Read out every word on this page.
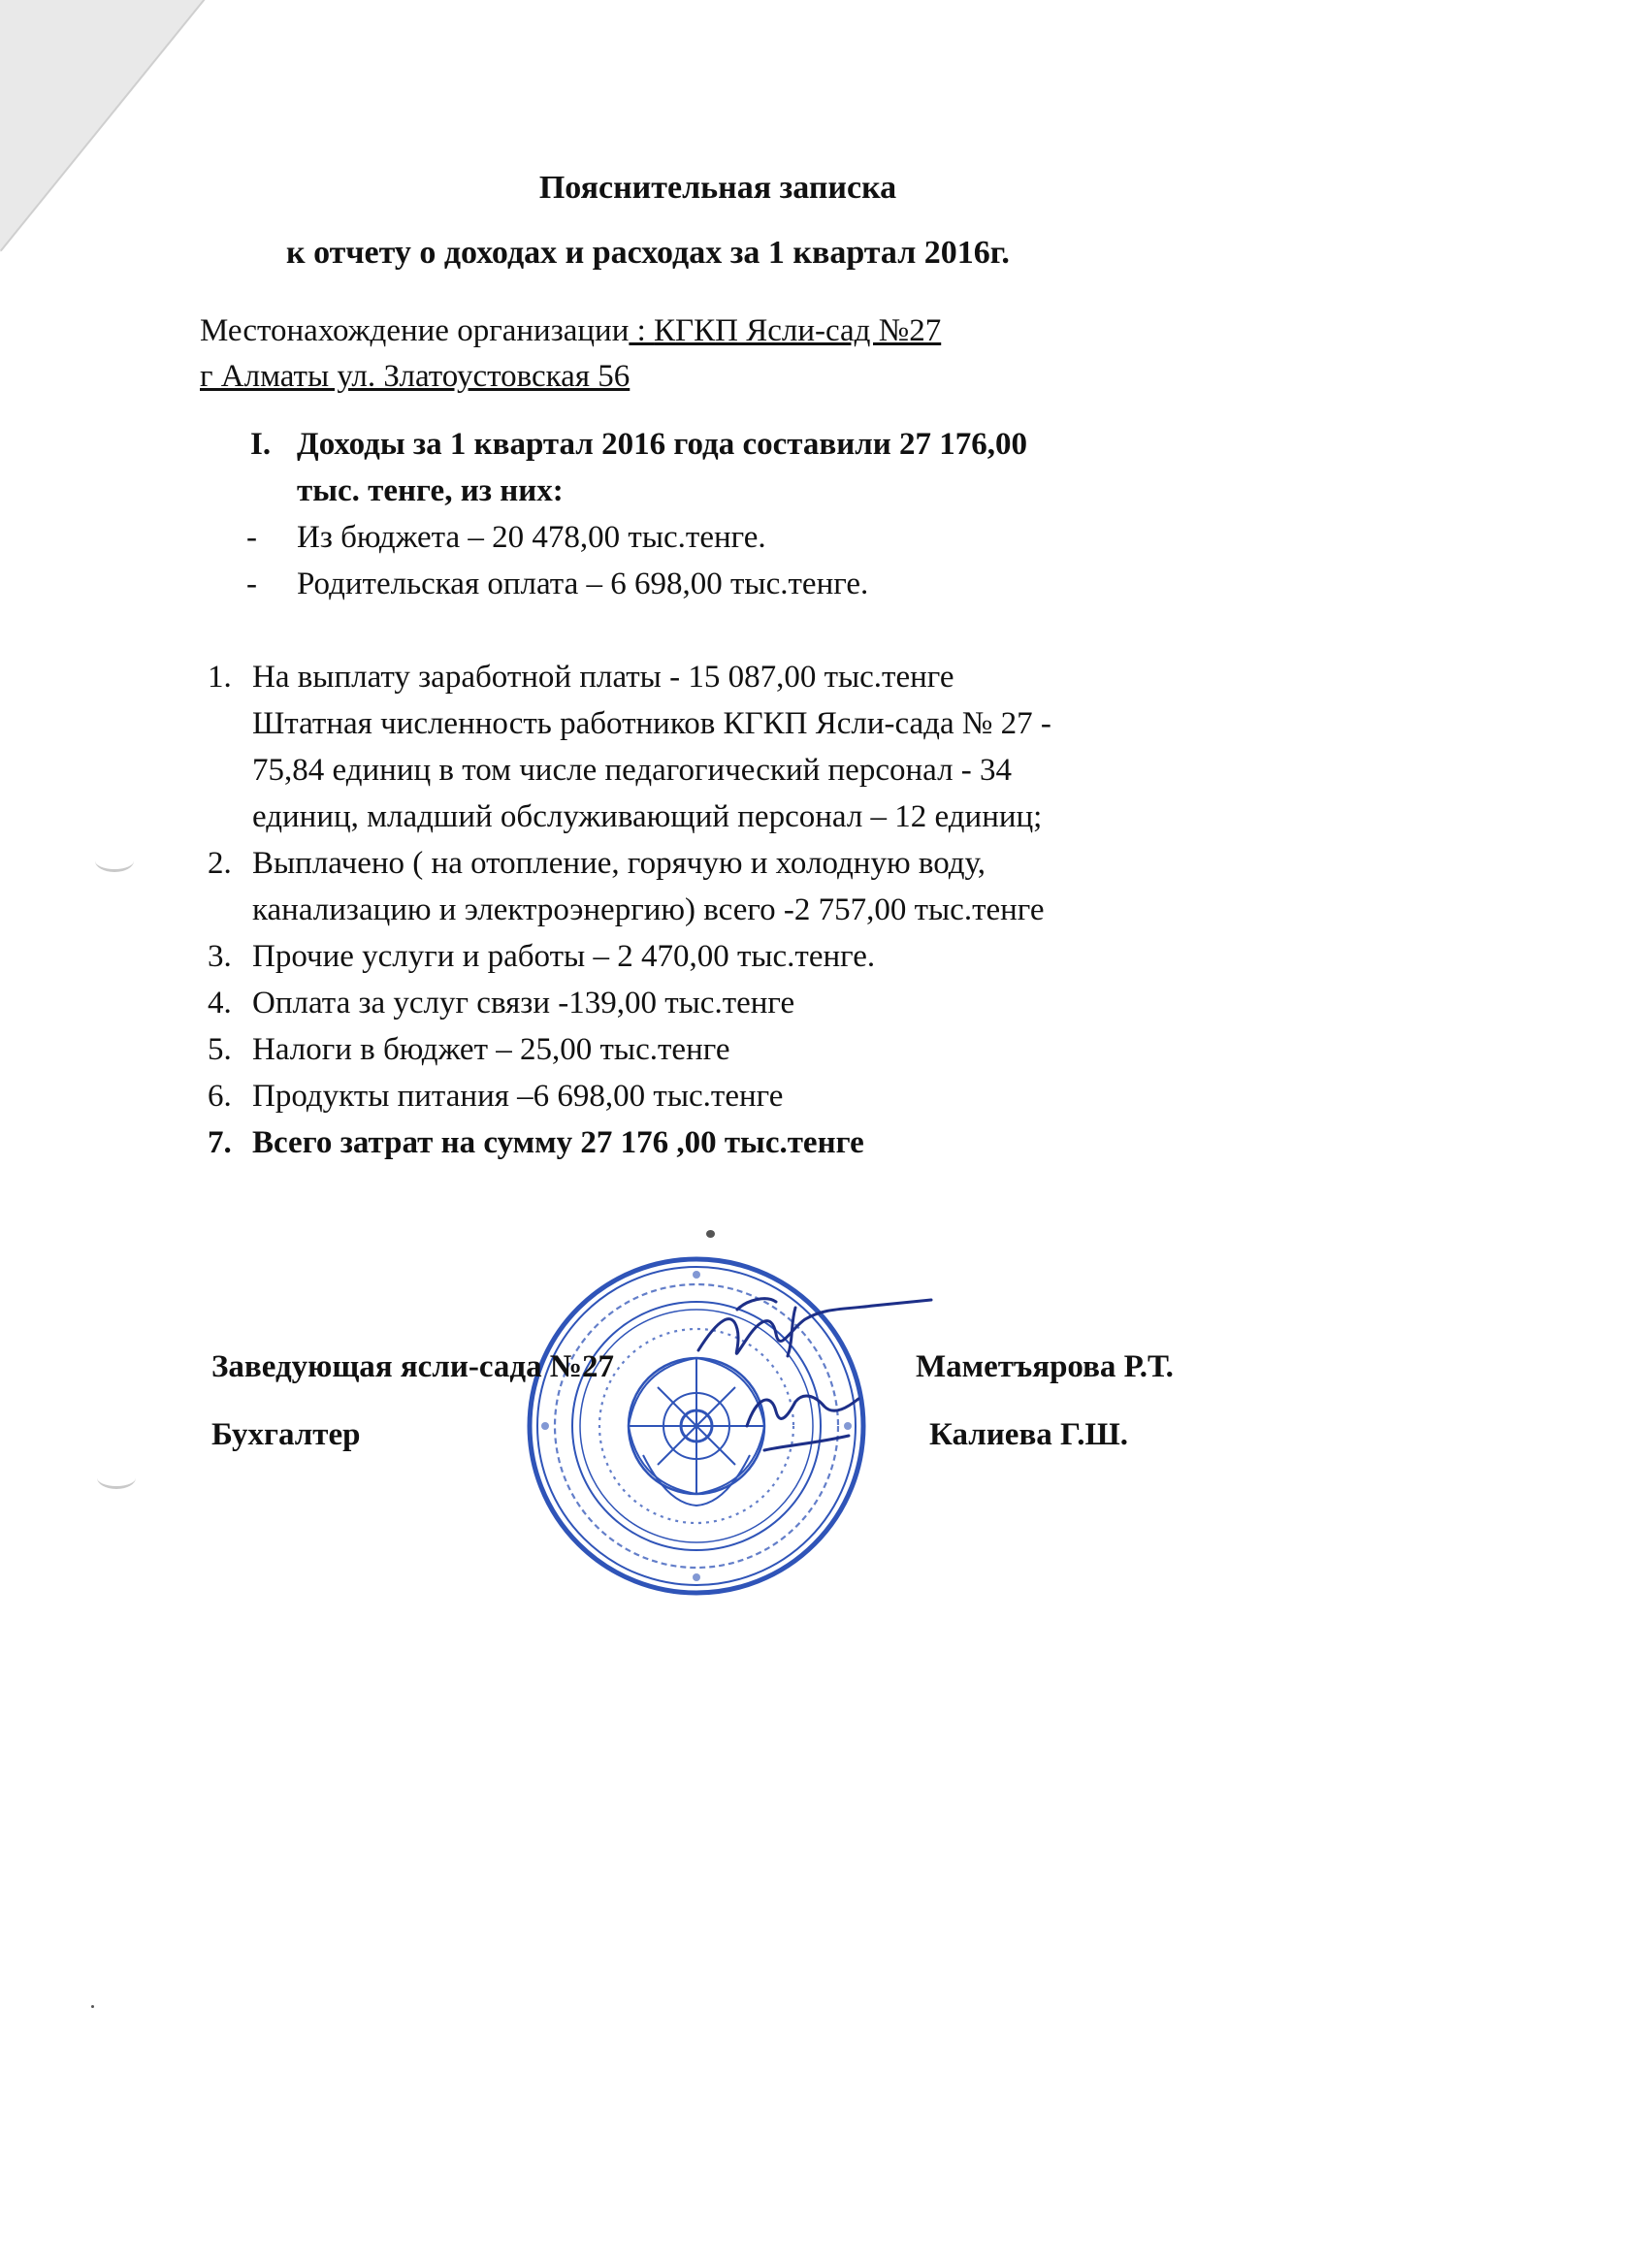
Пояснительная записка
к отчету о доходах и расходах за 1 квартал 2016г.
Местонахождение организации : КГКП Ясли-сад №27
г Алматы ул. Златоустовская 56
I. Доходы за 1 квартал 2016 года составили 27 176,00
тыс. тенге, из них:
- Из бюджета – 20 478,00 тыс.тенге.
- Родительская оплата – 6 698,00 тыс.тенге.
1. На выплату заработной платы - 15 087,00 тыс.тенге
Штатная численность работников КГКП Ясли-сада № 27 -
75,84 единиц в том числе педагогический персонал - 34
единиц, младший обслуживающий персонал – 12 единиц;
2. Выплачено ( на отопление, горячую и холодную воду,
канализацию и электроэнергию) всего -2 757,00 тыс.тенге
3. Прочие услуги и работы – 2 470,00 тыс.тенге.
4. Оплата за услуг связи -139,00 тыс.тенге
5. Налоги в бюджет – 25,00 тыс.тенге
6. Продукты питания –6 698,00 тыс.тенге
7. Всего затрат на сумму 27 176 ,00 тыс.тенге
Заведующая ясли-сада №27	Маметъярова Р.Т.
Бухгалтер	Калиева Г.Ш.
